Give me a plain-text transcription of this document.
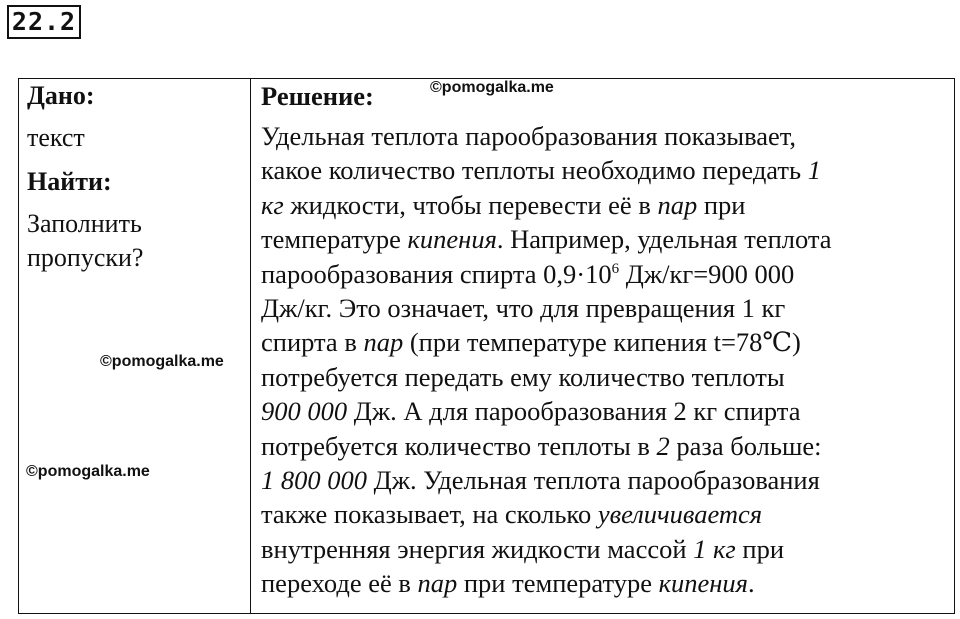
22.2
Дано:
текст
Найти:
Заполнить пропуски?
Решение:
Удельная теплота парообразования показывает,
какое количество теплоты необходимо передать 1
кг жидкости, чтобы перевести её в пар при
температуре кипения. Например, удельная теплота
парообразования спирта $0,9\cdot 10^6$ Дж/кг=900 000
Дж/кг. Это означает, что для превращения 1 кг
спирта в пар (при температуре кипения t=78℃)
потребуется передать ему количество теплоты
900 000 Дж. А для парообразования 2 кг спирта
потребуется количество теплоты в 2 раза больше:
1 800 000 Дж. Удельная теплота парообразования
также показывает, на сколько увеличивается
внутренняя энергия жидкости массой 1 кг при
переходе её в пар при температуре кипения.
©pomogalka.me
©pomogalka.me
©pomogalka.me
